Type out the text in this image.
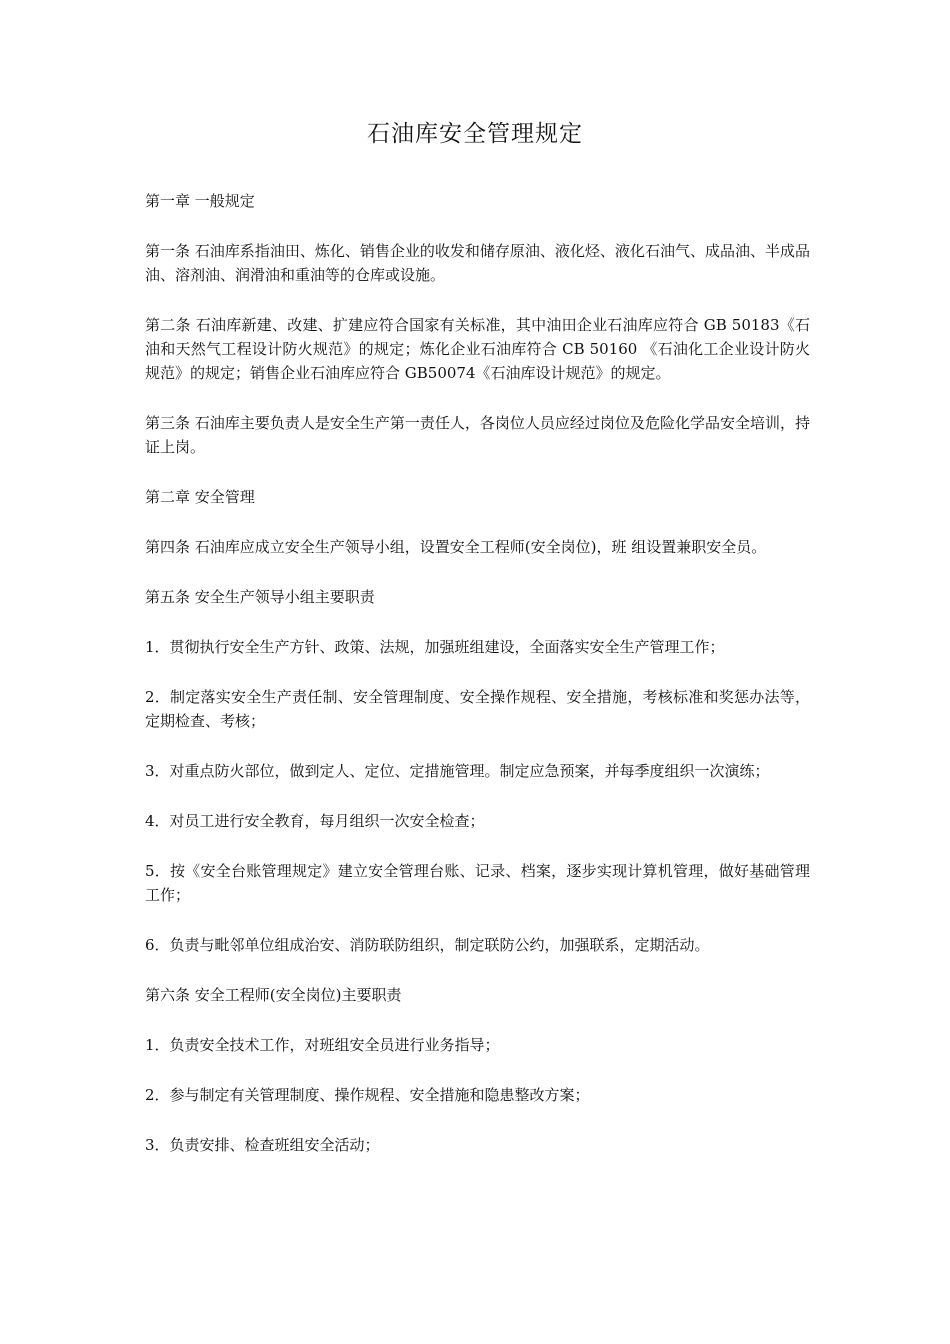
石油库安全管理规定

第一章 一般规定

第一条 石油库系指油田、炼化、销售企业的收发和储存原油、液化烃、液化石油气、成品油、半成品油、溶剂油、润滑油和重油等的仓库或设施。

第二条 石油库新建、改建、扩建应符合国家有关标准，其中油田企业石油库应符合 GB 50183《石油和天然气工程设计防火规范》的规定；炼化企业石油库符合 CB 50160 《石油化工企业设计防火规范》的规定；销售企业石油库应符合 GB50074《石油库设计规范》的规定。

第三条 石油库主要负责人是安全生产第一责任人，各岗位人员应经过岗位及危险化学品安全培训，持证上岗。

第二章 安全管理

第四条 石油库应成立安全生产领导小组，设置安全工程师(安全岗位)，班 组设置兼职安全员。

第五条 安全生产领导小组主要职责

1．贯彻执行安全生产方针、政策、法规，加强班组建设，全面落实安全生产管理工作；

2．制定落实安全生产责任制、安全管理制度、安全操作规程、安全措施，考核标准和奖惩办法等，定期检查、考核；

3．对重点防火部位，做到定人、定位、定措施管理。制定应急预案，并每季度组织一次演练；

4．对员工进行安全教育，每月组织一次安全检查；

5．按《安全台账管理规定》建立安全管理台账、记录、档案，逐步实现计算机管理，做好基础管理工作；

6．负责与毗邻单位组成治安、消防联防组织，制定联防公约，加强联系，定期活动。

第六条 安全工程师(安全岗位)主要职责

1．负责安全技术工作，对班组安全员进行业务指导；

2．参与制定有关管理制度、操作规程、安全措施和隐患整改方案；

3．负责安排、检查班组安全活动；
